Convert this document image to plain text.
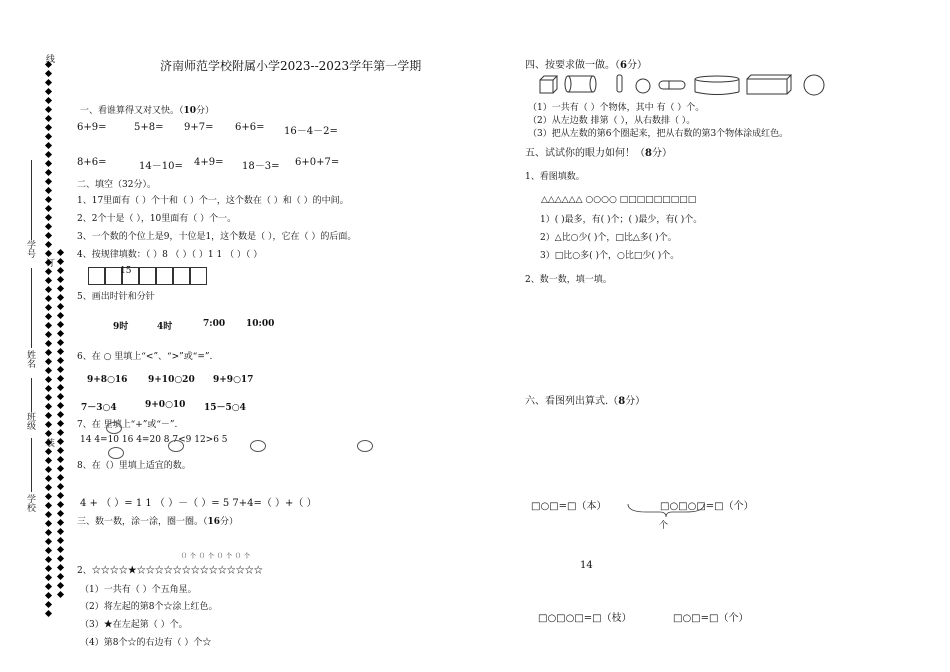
线
订
装
学号
姓名
班级
学校
济南师范学校附属小学2023--2023学年第一学期
一、看谁算得又对又快。（10分）
6+9=	5+8= 9+7= 6+6= 16－4－2=
8+6=	14－10= 4+9= 18－3= 6+0+7=
二、填空（32分）。
1、17里面有（ ）个十和（ ）个一，这个数在（ ）和（ ）的中间。
2、2个十是（ ），10里面有（ ）个一。
3、一个数的个位上是9，十位是1，这个数是（ ），它在（ ）的后面。
4、按规律填数：（ ）8 （ ）（ ）1 1 （ ）（ ）
15
5、画出时针和分针
9时	4时	7:00 10:00
6、在 ○ 里填上“<”、“>”或“=”.
9+8○16 9+10○20 9+9○17
7－3○4	9+0○10 15－5○4
7、在 里填上“+”或“－”.
14 4=10 16 4=20 8 7<9 12>6 5
8、在（）里填上适宜的数。
4 + （ ）= 1 1 （ ）－（ ）= 5 7+4=（ ）+（ ）
三、数一数，涂一涂，圈一圈。（16分）
（）个（）个（）个（）个
2、☆☆☆☆★☆☆☆☆☆☆☆☆☆☆☆☆☆☆
（1）一共有（ ）个五角星。
（2）将左起的第8个☆涂上红色。
（3）★在左起第（ ）个。
（4）第8个☆的右边有（ ）个☆
四、按要求做一做。（6分）
（1）一共有（ ）个物体，其中 有（ ）个。
（2）从左边数 排第（ ），从右数排（ ）。
（3）把从左数的第6个圈起来，把从右数的第3个物体涂成红色。
五、试试你的眼力如何！（8分）
1、看图填数。
△△△△△△ ○○○○ □□□□□□□□□
1）( )最多，有( )个；( )最少，有( )个。
2）△比○少( )个，□比△多( )个。
3）□比○多( )个，○比□少( )个。
2、数一数，填一填。
六、看图列出算式.（8分）
□○□=□（本）	□○□○□=□（个）
个
14
□○□○□=□（枝）	□○□=□（个）
